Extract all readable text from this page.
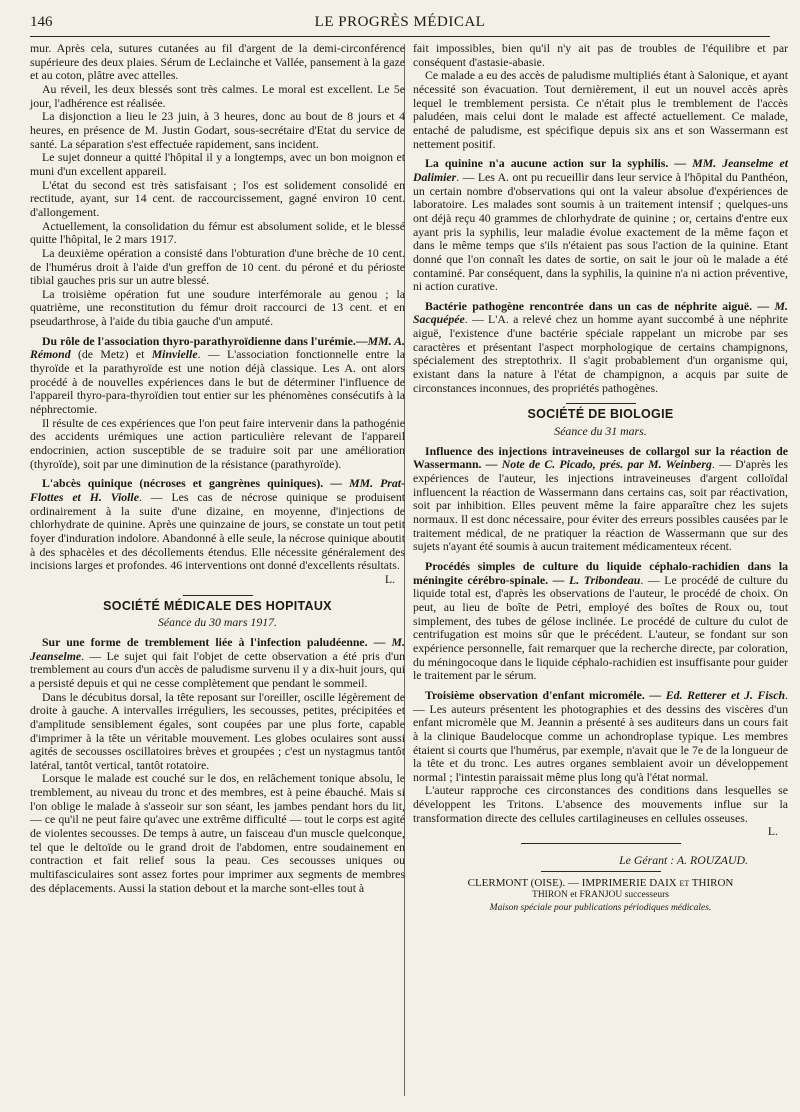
146	LE PROGRÈS MÉDICAL

mur. Après cela, sutures cutanées au fil d'argent de la demi-circonférence supérieure des deux plaies. Sérum de Leclainche et Vallée, pansement à la gaze et au coton, plâtre avec attelles.

Au réveil, les deux blessés sont très calmes. Le moral est excellent. Le 5e jour, l'adhérence est réalisée.

La disjonction a lieu le 23 juin, à 3 heures, donc au bout de 8 jours et 4 heures, en présence de M. Justin Godart, sous-secrétaire d'Etat du service de santé. La séparation s'est effectuée rapidement, sans incident.

Le sujet donneur a quitté l'hôpital il y a longtemps, avec un bon moignon et muni d'un excellent appareil.

L'état du second est très satisfaisant ; l'os est solidement consolidé en rectitude, ayant, sur 14 cent. de raccourcissement, gagné environ 10 cent. d'allongement.

Actuellement, la consolidation du fémur est absolument solide, et le blessé quitte l'hôpital, le 2 mars 1917.

La deuxième opération a consisté dans l'obturation d'une brèche de 10 cent. de l'humérus droit à l'aide d'un greffon de 10 cent. du péroné et du périoste tibial gauches pris sur un autre blessé.

La troisième opération fut une soudure interfémorale au genou ; la quatrième, une reconstitution du fémur droit raccourci de 13 cent. et en pseudarthrose, à l'aide du tibia gauche d'un amputé.

Du rôle de l'association thyro-parathyroïdienne dans l'urémie.—MM. A. Rémond (de Metz) et Minvielle. — L'association fonctionnelle entre la thyroïde et la parathyroïde est une notion déjà classique. Les A. ont alors procédé à de nouvelles expériences dans le but de déterminer l'influence de l'appareil thyro-para-thyroïdien tout entier sur les phénomènes consécutifs à la néphrectomie.

Il résulte de ces expériences que l'on peut faire intervenir dans la pathogénie des accidents urémiques une action particulière relevant de l'appareil endocrinien, action susceptible de se traduire soit par une amélioration (thyroïde), soit par une diminution de la résistance (parathyroïde).

L'abcès quinique (nécroses et gangrènes quiniques). — MM. Prat-Flottes et H. Violle. — Les cas de nécrose quinique se produisent ordinairement à la suite d'une dizaine, en moyenne, d'injections de chlorhydrate de quinine. Après une quinzaine de jours, se constate un tout petit foyer d'induration indolore. Abandonné à elle seule, la nécrose quinique aboutit à des sphacèles et des décollements étendus. Elle nécessite généralement des incisions larges et profondes. 46 interventions ont donné d'excellents résultats.

L.

SOCIÉTÉ MÉDICALE DES HOPITAUX

Séance du 30 mars 1917.

Sur une forme de tremblement liée à l'infection paludéenne. — M. Jeanselme. — Le sujet qui fait l'objet de cette observation a été pris d'un tremblement au cours d'un accès de paludisme survenu il y a dix-huit jours, qui a persisté depuis et qui ne cesse complètement que pendant le sommeil.

Dans le décubitus dorsal, la tête reposant sur l'oreiller, oscille légèrement de droite à gauche. A intervalles irréguliers, les secousses, petites, précipitées et d'amplitude sensiblement égales, sont coupées par une plus forte, capable d'imprimer à la tête un véritable mouvement. Les globes oculaires sont aussi agités de secousses oscillatoires brèves et groupées ; c'est un nystagmus tantôt latéral, tantôt vertical, tantôt rotatoire.

Lorsque le malade est couché sur le dos, en relâchement tonique absolu, le tremblement, au niveau du tronc et des membres, est à peine ébauché. Mais si l'on oblige le malade à s'asseoir sur son séant, les jambes pendant hors du lit, — ce qu'il ne peut faire qu'avec une extrême difficulté — tout le corps est agité de violentes secousses. De temps à autre, un faisceau d'un muscle quelconque, tel que le deltoïde ou le grand droit de l'abdomen, entre soudainement en contraction et fait relief sous la peau. Ces secousses uniques ou multifasciculaires sont assez fortes pour imprimer aux segments de membres des déplacements. Aussi la station debout et la marche sont-elles tout à

fait impossibles, bien qu'il n'y ait pas de troubles de l'équilibre et par conséquent d'astasie-abasie.

Ce malade a eu des accès de paludisme multipliés étant à Salonique, et ayant nécessité son évacuation. Tout dernièrement, il eut un nouvel accès après lequel le tremblement persista. Ce n'était plus le tremblement de l'accès paludéen, mais celui dont le malade est affecté actuellement. Ce malade, entaché de paludisme, est spécifique depuis six ans et son Wassermann est nettement positif.

La quinine n'a aucune action sur la syphilis. — MM. Jeanselme et Dalimier. — Les A. ont pu recueillir dans leur service à l'hôpital du Panthéon, un certain nombre d'observations qui ont la valeur absolue d'expériences de laboratoire. Les malades sont soumis à un traitement intensif ; quelques-uns ont déjà reçu 40 grammes de chlorhydrate de quinine ; or, certains d'entre eux ayant pris la syphilis, leur maladie évolue exactement de la même façon et dans le même temps que s'ils n'étaient pas sous l'action de la quinine. Etant donné que l'on connaît les dates de sortie, on sait le jour où le malade a été contaminé. Par conséquent, dans la syphilis, la quinine n'a ni action préventive, ni action curative.

Bactérie pathogène rencontrée dans un cas de néphrite aiguë. — M. Sacquépée. — L'A. a relevé chez un homme ayant succombé à une néphrite aiguë, l'existence d'une bactérie spéciale rappelant un microbe par ses caractères et présentant l'aspect morphologique de certains champignons, spécialement des streptothrix. Il s'agit probablement d'un organisme qui, existant dans la nature à l'état de champignon, a acquis par suite de circonstances inconnues, des propriétés pathogènes.

SOCIÉTÉ DE BIOLOGIE

Séance du 31 mars.

Influence des injections intraveineuses de collargol sur la réaction de Wassermann. — Note de C. Picado, prés. par M. Weinberg. — D'après les expériences de l'auteur, les injections intraveineuses d'argent colloïdal influencent la réaction de Wassermann dans certains cas, soit par réactivation, soit par inhibition. Elles peuvent même la faire apparaître chez les sujets normaux. Il est donc nécessaire, pour éviter des erreurs possibles causées par le traitement médical, de ne pratiquer la réaction de Wassermann que sur des sujets n'ayant été soumis à aucun traitement médicamenteux récent.

Procédés simples de culture du liquide céphalo-rachidien dans la méningite cérébro-spinale. — L. Tribondeau. — Le procédé de culture du liquide total est, d'après les observations de l'auteur, le procédé de choix. On peut, au lieu de boîte de Petri, employé des boîtes de Roux ou, tout simplement, des tubes de gélose inclinée. Le procédé de culture du culot de centrifugation est moins sûr que le précédent. L'auteur, se fondant sur son expérience personnelle, fait remarquer que la recherche directe, par coloration, du méningocoque dans le liquide céphalo-rachidien est insuffisante pour guider le traitement par le sérum.

Troisième observation d'enfant microméle. — Ed. Retterer et J. Fisch. — Les auteurs présentent les photographies et des dessins des viscères d'un enfant micromèle que M. Jeannin a présenté à ses auditeurs dans un cours fait à la clinique Baudelocque comme un achondroplase typique. Les membres étaient si courts que l'humérus, par exemple, n'avait que le 7e de la longueur de la tête et du tronc. Les autres organes semblaient avoir un développement normal ; l'intestin paraissait même plus long qu'à l'état normal.

L'auteur rapproche ces circonstances des conditions dans lesquelles se développent les Tritons. L'absence des mouvements influe sur la transformation directe des cellules cartilagineuses en cellules osseuses.

L.

Le Gérant : A. ROUZAUD.

CLERMONT (OISE). — IMPRIMERIE DAIX et THIRON

THIRON et FRANJOU successeurs

Maison spéciale pour publications périodiques médicales.
